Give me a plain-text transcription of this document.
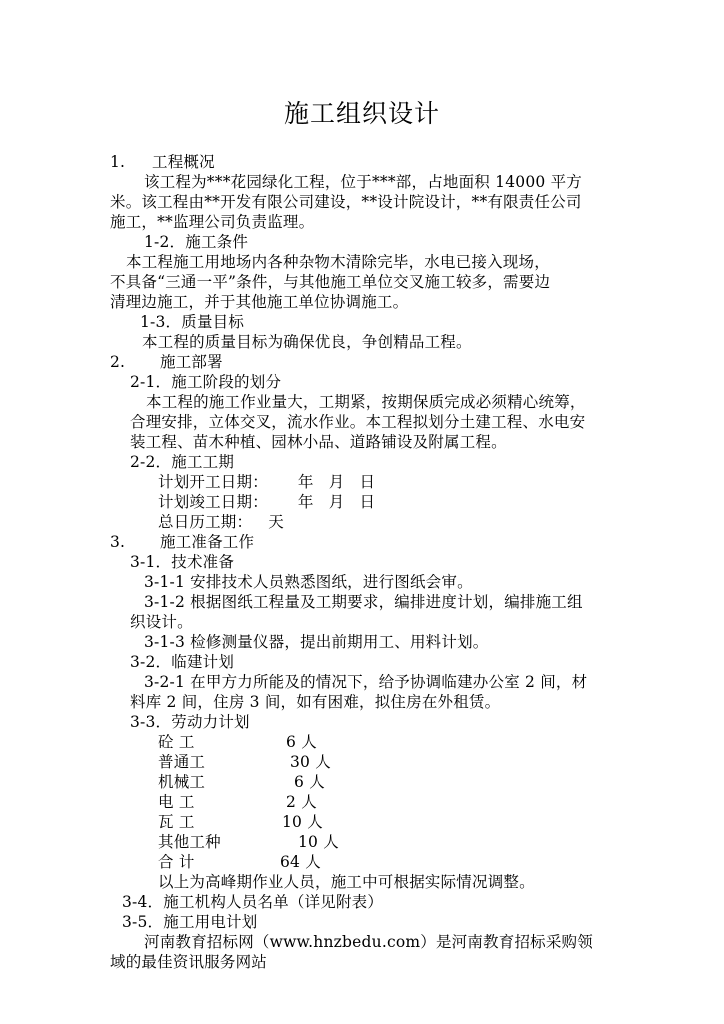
施工组织设计
1. 工程概况
该工程为***花园绿化工程，位于***部，占地面积 14000 平方
米。该工程由**开发有限公司建设，**设计院设计，**有限责任公司
施工，**监理公司负责监理。
1-2．施工条件
本工程施工用地场内各种杂物木清除完毕，水电已接入现场，
不具备“三通一平”条件，与其他施工单位交叉施工较多，需要边
清理边施工，并于其他施工单位协调施工。
1-3．质量目标
本工程的质量目标为确保优良，争创精品工程。
2. 施工部署
2-1．施工阶段的划分
本工程的施工作业量大，工期紧，按期保质完成必须精心统筹，
合理安排，立体交叉，流水作业。本工程拟划分土建工程、水电安
装工程、苗木种植、园林小品、道路铺设及附属工程。
2-2．施工工期
计划开工日期： 年 月 日
计划竣工日期： 年 月 日
总日历工期： 天
3. 施工准备工作
3-1．技术准备
3-1-1 安排技术人员熟悉图纸，进行图纸会审。
3-1-2 根据图纸工程量及工期要求，编排进度计划，编排施工组
织设计。
3-1-3 检修测量仪器，提出前期用工、用料计划。
3-2．临建计划
3-2-1 在甲方力所能及的情况下，给予协调临建办公室 2 间，材
料库 2 间，住房 3 间，如有困难，拟住房在外租赁。
3-3．劳动力计划
砼 工	6 人
普通工	30 人
机械工	6 人
电 工	2 人
瓦 工	10 人
其他工种	10 人
合 计	64 人
以上为高峰期作业人员，施工中可根据实际情况调整。
3-4．施工机构人员名单（详见附表）
3-5．施工用电计划
河南教育招标网（www.hnzbedu.com）是河南教育招标采购领
域的最佳资讯服务网站
